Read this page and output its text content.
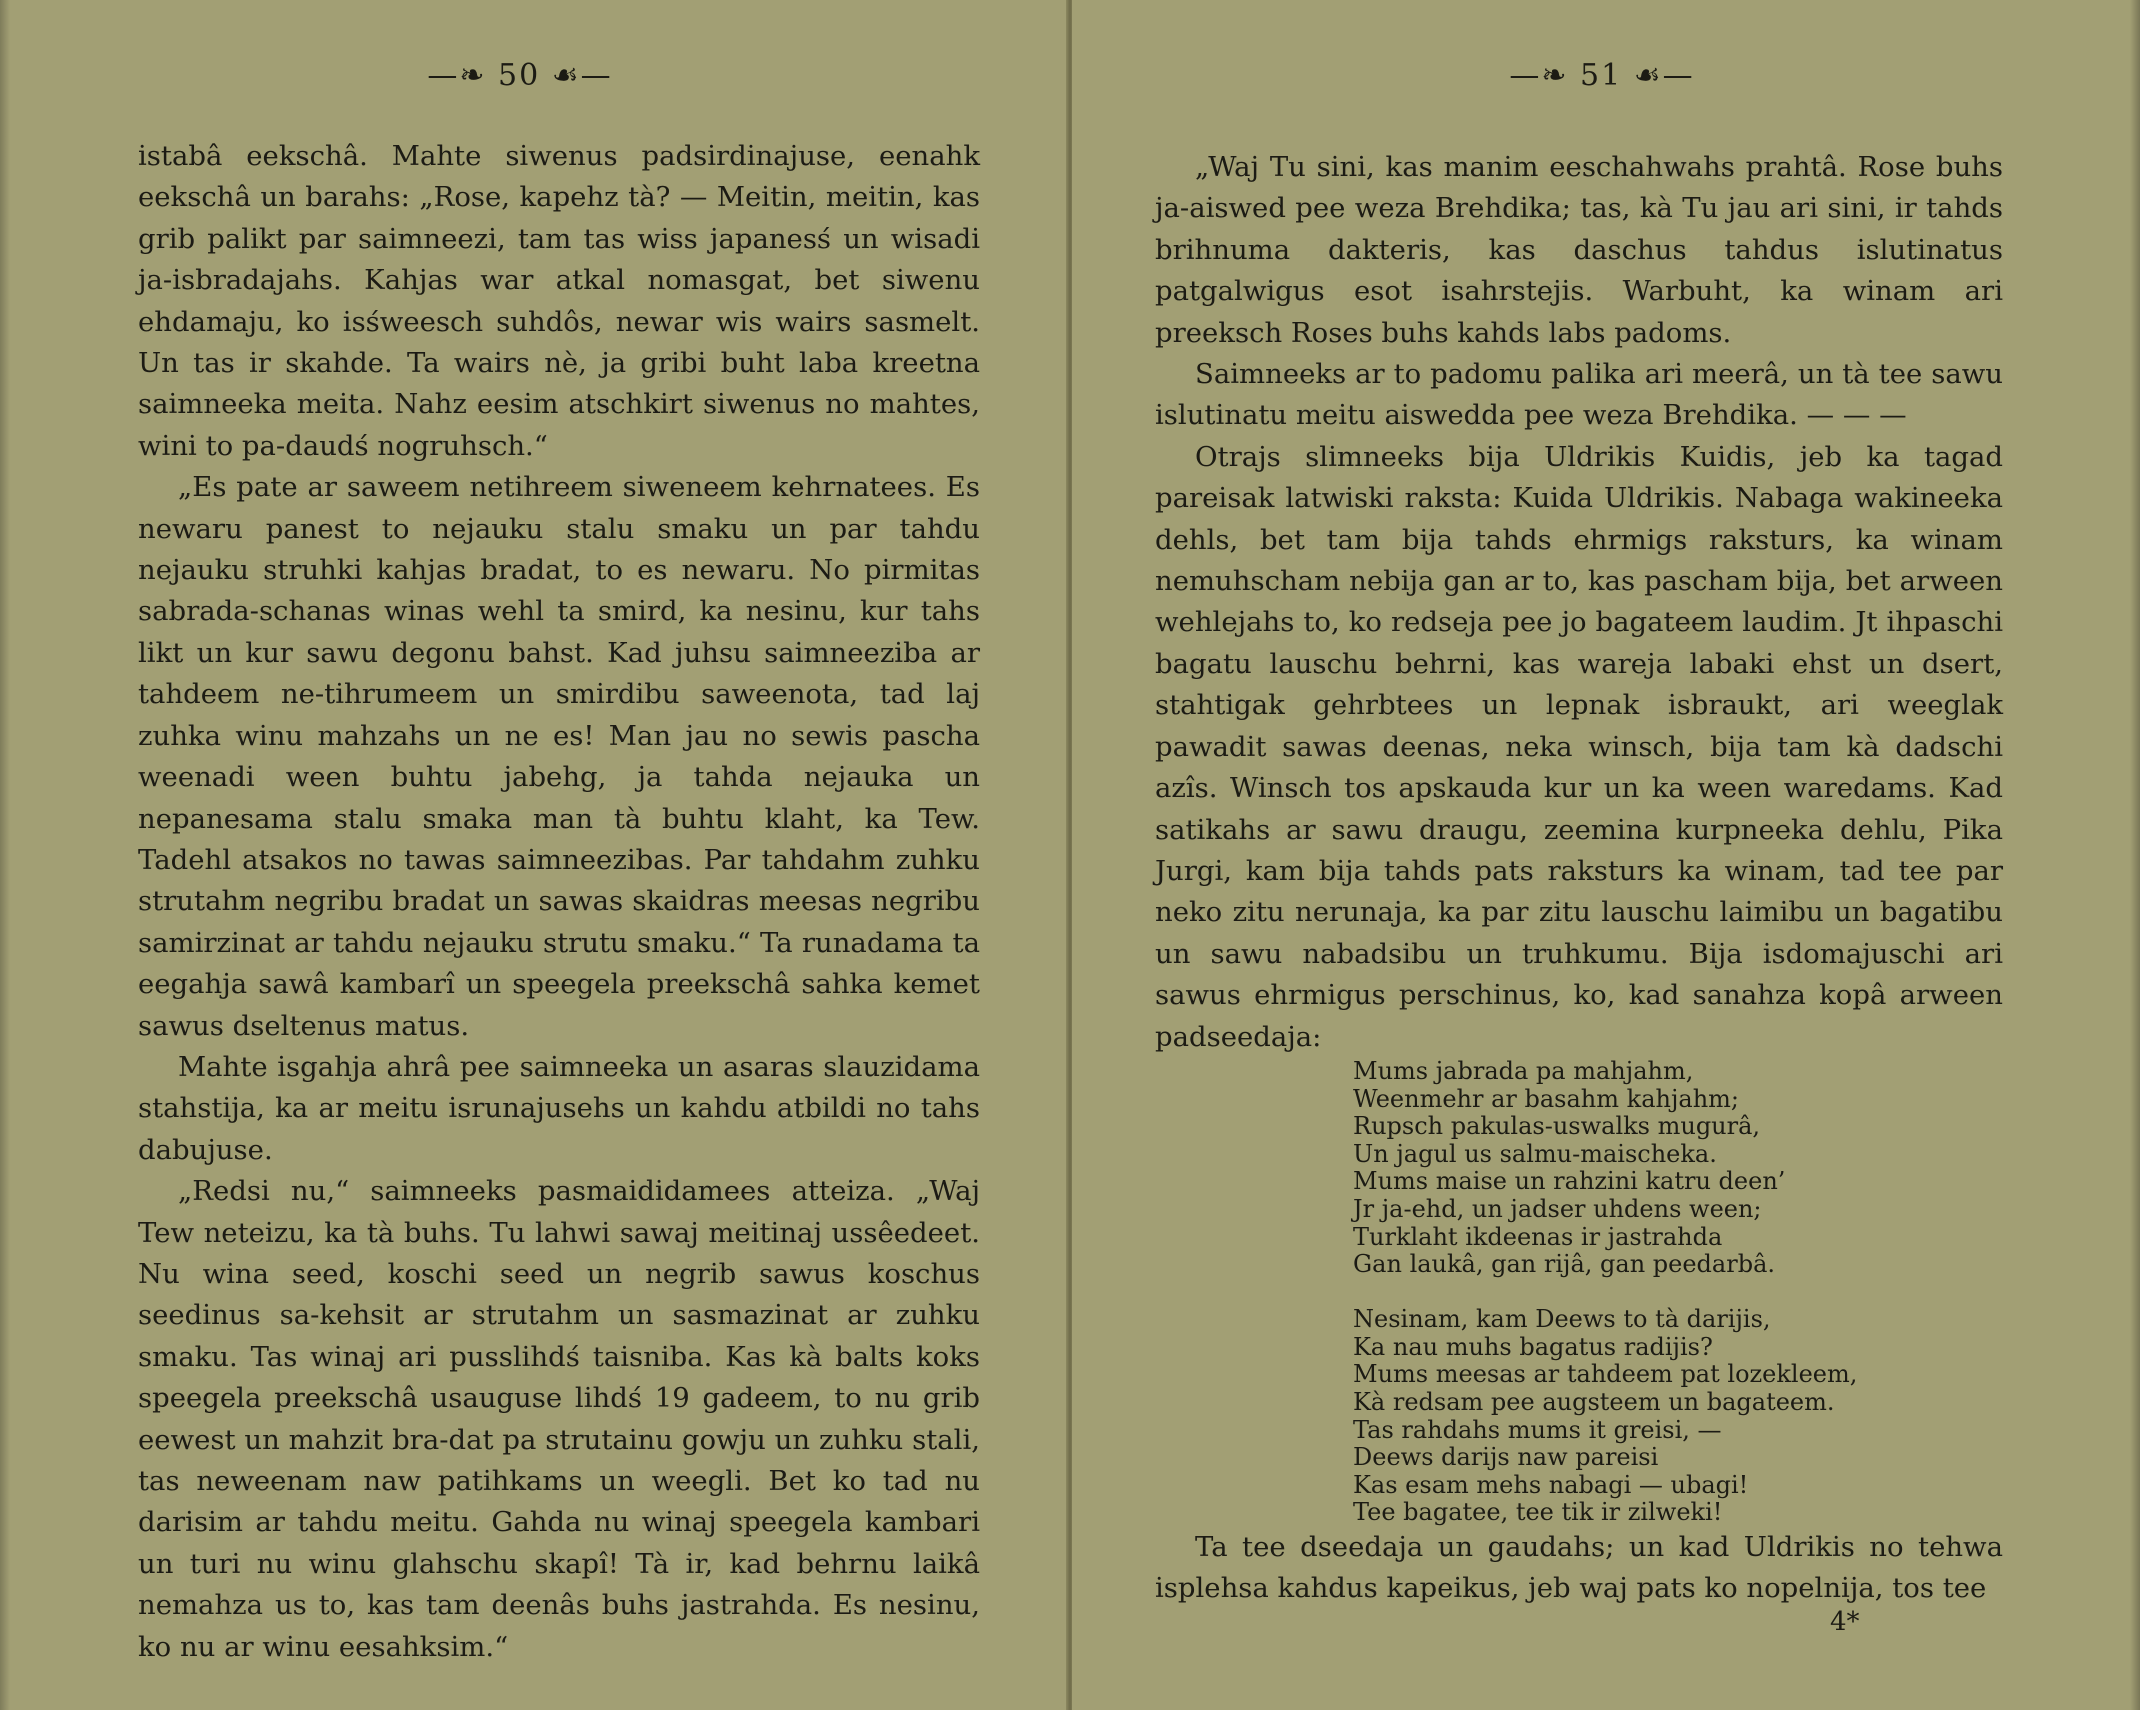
—❧ 50 ☙—

istabâ eekschâ. Mahte siwenus padsirdinajuse, eenahk eekschâ un barahs: „Rose, kapehz tà? — Meitin, meitin, kas grib palikt par saimneezi, tam tas wiss japanesś un wisadi ja-isbradajahs. Kahjas war atkal nomasgat, bet siwenu ehdamaju, ko isśweesch suhdôs, newar wis wairs sasmelt. Un tas ir skahde. Ta wairs nè, ja gribi buht laba kreetna saimneeka meita. Nahz eesim atschkirt siwenus no mahtes, wini to pa-daudś nogruhsch.“

„Es pate ar saweem netihreem siweneem kehrnatees. Es newaru panest to nejauku stalu smaku un par tahdu nejauku struhki kahjas bradat, to es newaru. No pirmitas sabrada-schanas winas wehl ta smird, ka nesinu, kur tahs likt un kur sawu degonu bahst. Kad juhsu saimneeziba ar tahdeem ne-tihrumeem un smirdibu saweenota, tad laj zuhka winu mahzahs un ne es! Man jau no sewis pascha weenadi ween buhtu jabehg, ja tahda nejauka un nepanesama stalu smaka man tà buhtu klaht, ka Tew. Tadehl atsakos no tawas saimneezibas. Par tahdahm zuhku strutahm negribu bradat un sawas skaidras meesas negribu samirzinat ar tahdu nejauku strutu smaku.“ Ta runadama ta eegahja sawâ kambarî un speegela preekschâ sahka kemet sawus dseltenus matus.

Mahte isgahja ahrâ pee saimneeka un asaras slauzidama stahstija, ka ar meitu isrunajusehs un kahdu atbildi no tahs dabujuse.

„Redsi nu,“ saimneeks pasmaididamees atteiza. „Waj Tew neteizu, ka tà buhs. Tu lahwi sawaj meitinaj ussêedeet. Nu wina seed, koschi seed un negrib sawus koschus seedinus sa-kehsit ar strutahm un sasmazinat ar zuhku smaku. Tas winaj ari pusslihdś taisniba. Kas kà balts koks speegela preekschâ usauguse lihdś 19 gadeem, to nu grib eewest un mahzit bra-dat pa strutainu gowju un zuhku stali, tas neweenam naw patihkams un weegli. Bet ko tad nu darisim ar tahdu meitu. Gahda nu winaj speegela kambari un turi nu winu glahschu skapî! Tà ir, kad behrnu laikâ nemahza us to, kas tam deenâs buhs jastrahda. Es nesinu, ko nu ar winu eesahksim.“

—❧ 51 ☙—

„Waj Tu sini, kas manim eeschahwahs prahtâ. Rose buhs ja-aiswed pee weza Brehdika; tas, kà Tu jau ari sini, ir tahds brihnuma dakteris, kas daschus tahdus islutinatus patgalwigus esot isahrstejis. Warbuht, ka winam ari preeksch Roses buhs kahds labs padoms.

Saimneeks ar to padomu palika ari meerâ, un tà tee sawu islutinatu meitu aiswedda pee weza Brehdika. — — —

Otrajs slimneeks bija Uldrikis Kuidis, jeb ka tagad pareisak latwiski rakstа: Kuida Uldrikis. Nabaga wakineeka dehls, bet tam bija tahds ehrmigs raksturs, ka winam nemuhscham nebija gan ar to, kas pascham bija, bet arween wehlejahs to, ko redseja pee jo bagateem laudim. Jt ihpaschi bagatu lauschu behrni, kas wareja labaki ehst un dsert, stahtigak gehrbtees un lepnak isbraukt, ari weeglak pawadit sawas deenas, neka winsch, bija tam kà dadschi azîs. Winsch tos apskauda kur un ka ween waredams. Kad satikahs ar sawu draugu, zeemina kurpneeka dehlu, Pika Jurgi, kam bija tahds pats raksturs ka winam, tad tee par neko zitu nerunaja, ka par zitu lauschu laimibu un bagatibu un sawu nabadsibu un truhkumu. Bija isdomajuschi ari sawus ehrmigus perschinus, ko, kad sanahza kopâ arween padseedaja:

Mums jabrada pa mahjahm,
Weenmehr ar basahm kahjahm;
Rupsch pakulas-uswalks mugurâ,
Un jagul us salmu-maischeka.
Mums maise un rahzini katru deen’
Jr ja-ehd, un jadser uhdens ween;
Turklaht ikdeenas ir jastrahda
Gan laukâ, gan rijâ, gan peedarbâ.
Nesinam, kam Deews to tà darijis,
Ka nau muhs bagatus radijis?
Mums meesas ar tahdeem pat lozekleem,
Kà redsam pee augsteem un bagateem.
Tas rahdahs mums it greisi, —
Deews darijs naw pareisi
Kas esam mehs nabagi — ubagi!
Tee bagatee, tee tik ir zilweki!

Ta tee dseedaja un gaudahs; un kad Uldrikis no tehwa isplehsa kahdus kapeikus, jeb waj pats ko nopelnija, tos tee

4*
